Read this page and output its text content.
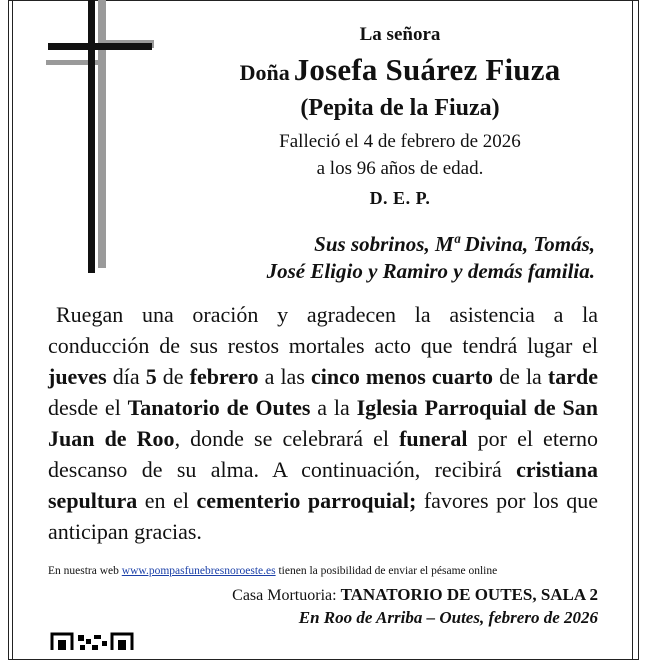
La señora
Doña Josefa Suárez Fiuza
(Pepita de la Fiuza)
Falleció el 4 de febrero de 2026
a los 96 años de edad.
D. E. P.
Sus sobrinos, Mª Divina, Tomás,
José Eligio y Ramiro y demás familia.
Ruegan una oración y agradecen la asistencia a la conducción de sus restos mortales acto que tendrá lugar el jueves día 5 de febrero a las cinco menos cuarto de la tarde desde el Tanatorio de Outes a la Iglesia Parroquial de San Juan de Roo, donde se celebrará el funeral por el eterno descanso de su alma. A continuación, recibirá cristiana sepultura en el cementerio parroquial; favores por los que anticipan gracias.
En nuestra web www.pompasfunebresnoroeste.es tienen la posibilidad de enviar el pésame online
Casa Mortuoria: TANATORIO DE OUTES, SALA 2
En Roo de Arriba – Outes, febrero de 2026
